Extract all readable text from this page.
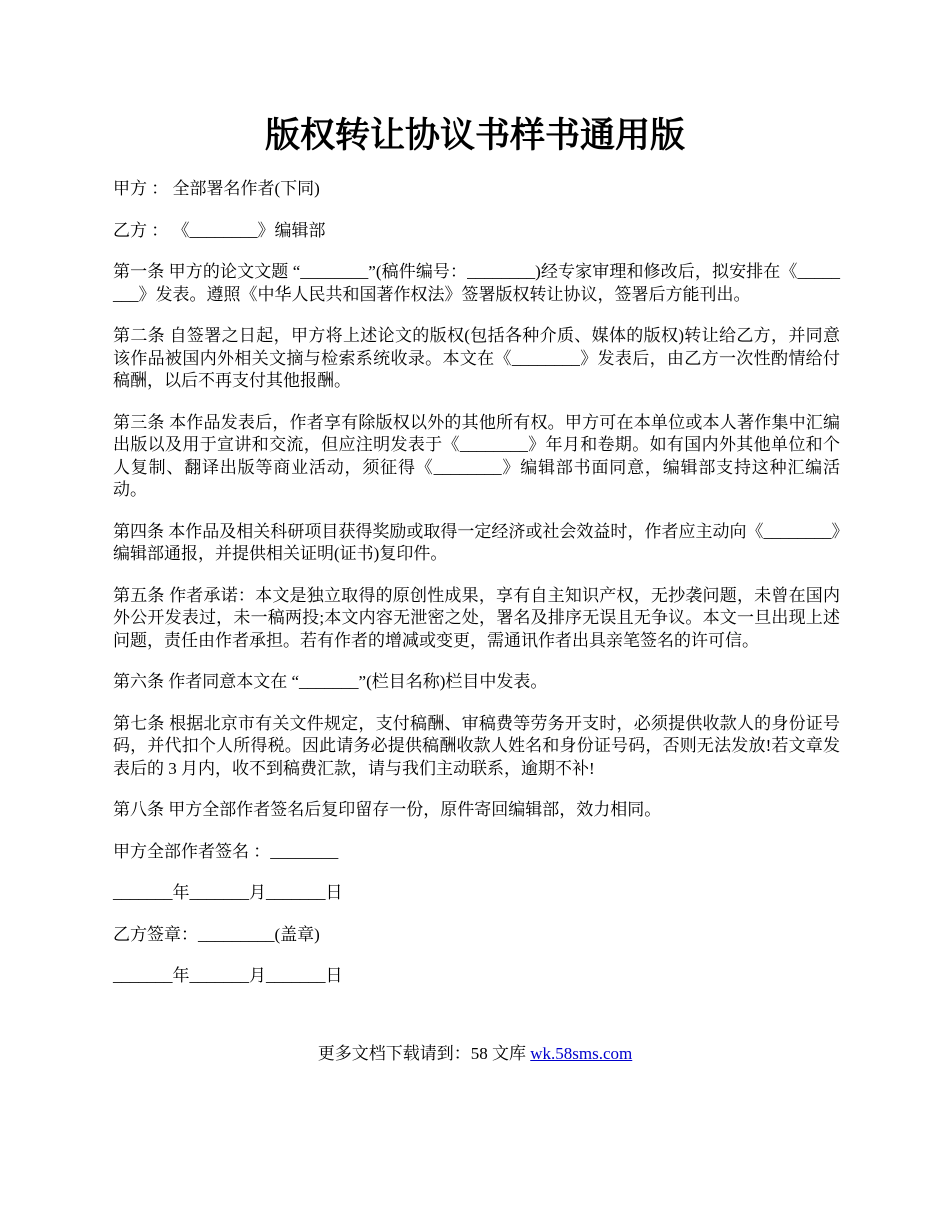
版权转让协议书样书通用版

甲方 ： 全部署名作者(下同)

乙方 ： 《________》编辑部

第一条 甲方的论文文题 “________”(稿件编号：________)经专家审理和修改后，拟安排在《________》发表。遵照《中华人民共和国著作权法》签署版权转让协议，签署后方能刊出。

第二条 自签署之日起，甲方将上述论文的版权(包括各种介质、媒体的版权)转让给乙方，并同意该作品被国内外相关文摘与检索系统收录。本文在《________》发表后，由乙方一次性酌情给付稿酬，以后不再支付其他报酬。

第三条 本作品发表后，作者享有除版权以外的其他所有权。甲方可在本单位或本人著作集中汇编出版以及用于宣讲和交流，但应注明发表于《________》年月和卷期。如有国内外其他单位和个人复制、翻译出版等商业活动，须征得《________》编辑部书面同意，编辑部支持这种汇编活动。

第四条 本作品及相关科研项目获得奖励或取得一定经济或社会效益时，作者应主动向《________》编辑部通报，并提供相关证明(证书)复印件。

第五条 作者承诺：本文是独立取得的原创性成果，享有自主知识产权，无抄袭问题，未曾在国内外公开发表过，未一稿两投;本文内容无泄密之处，署名及排序无误且无争议。本文一旦出现上述问题，责任由作者承担。若有作者的增减或变更，需通讯作者出具亲笔签名的许可信。

第六条 作者同意本文在 “_______”(栏目名称)栏目中发表。

第七条 根据北京市有关文件规定，支付稿酬、审稿费等劳务开支时，必须提供收款人的身份证号码，并代扣个人所得税。因此请务必提供稿酬收款人姓名和身份证号码，否则无法发放!若文章发表后的 3 月内，收不到稿费汇款，请与我们主动联系，逾期不补!

第八条 甲方全部作者签名后复印留存一份，原件寄回编辑部，效力相同。

甲方全部作者签名 ：________

_______年_______月_______日

乙方签章：_________(盖章)

_______年_______月_______日

更多文档下载请到：58 文库 wk.58sms.com
